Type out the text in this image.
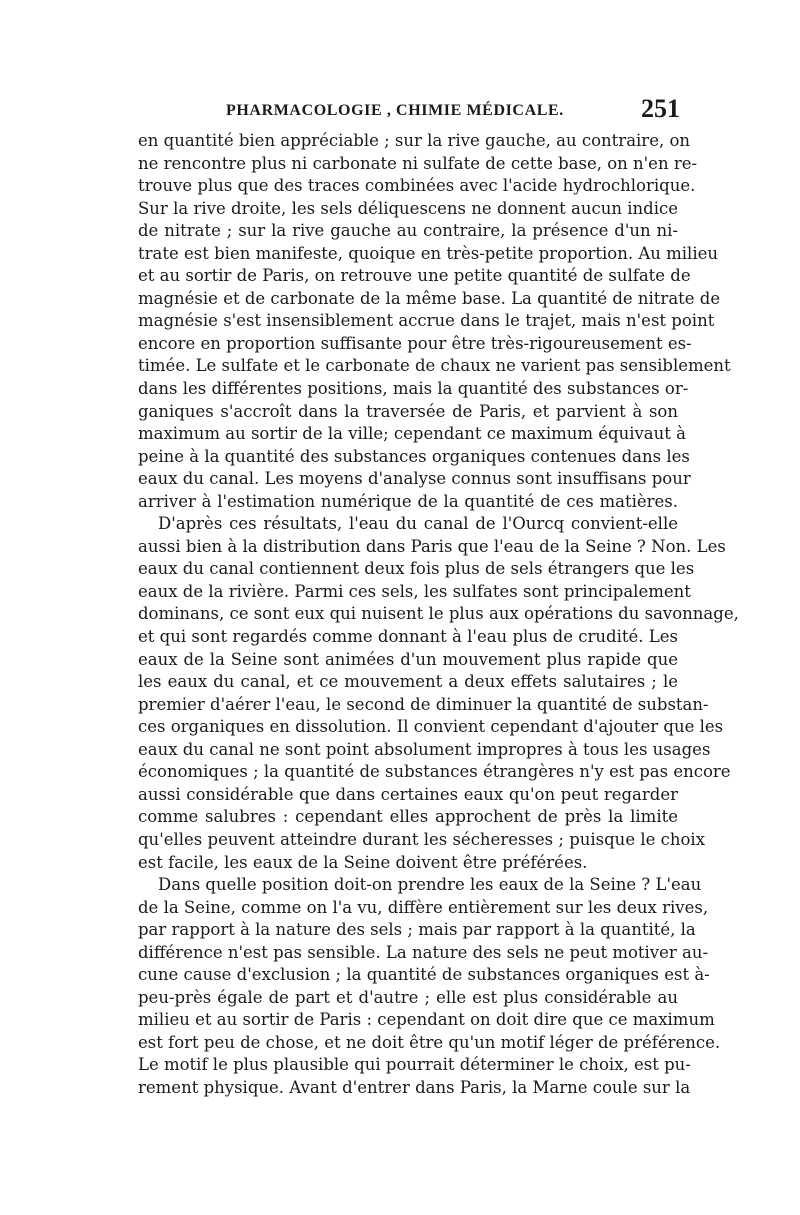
PHARMACOLOGIE , CHIMIE MÉDICALE.	251
en quantité bien appréciable ; sur la rive gauche, au contraire, on
ne rencontre plus ni carbonate ni sulfate de cette base, on n'en re-
trouve plus que des traces combinées avec l'acide hydrochlorique.
Sur la rive droite, les sels déliquescens ne donnent aucun indice
de nitrate ; sur la rive gauche au contraire, la présence d'un ni-
trate est bien manifeste, quoique en très-petite proportion. Au milieu
et au sortir de Paris, on retrouve une petite quantité de sulfate de
magnésie et de carbonate de la même base. La quantité de nitrate de
magnésie s'est insensiblement accrue dans le trajet, mais n'est point
encore en proportion suffisante pour être très-rigoureusement es-
timée. Le sulfate et le carbonate de chaux ne varient pas sensiblement
dans les différentes positions, mais la quantité des substances or-
ganiques s'accroît dans la traversée de Paris, et parvient à son
maximum au sortir de la ville; cependant ce maximum équivaut à
peine à la quantité des substances organiques contenues dans les
eaux du canal. Les moyens d'analyse connus sont insuffisans pour
arriver à l'estimation numérique de la quantité de ces matières.
D'après ces résultats, l'eau du canal de l'Ourcq convient-elle
aussi bien à la distribution dans Paris que l'eau de la Seine ? Non. Les
eaux du canal contiennent deux fois plus de sels étrangers que les
eaux de la rivière. Parmi ces sels, les sulfates sont principalement
dominans, ce sont eux qui nuisent le plus aux opérations du savonnage,
et qui sont regardés comme donnant à l'eau plus de crudité. Les
eaux de la Seine sont animées d'un mouvement plus rapide que
les eaux du canal, et ce mouvement a deux effets salutaires ; le
premier d'aérer l'eau, le second de diminuer la quantité de substan-
ces organiques en dissolution. Il convient cependant d'ajouter que les
eaux du canal ne sont point absolument impropres à tous les usages
économiques ; la quantité de substances étrangères n'y est pas encore
aussi considérable que dans certaines eaux qu'on peut regarder
comme salubres : cependant elles approchent de près la limite
qu'elles peuvent atteindre durant les sécheresses ; puisque le choix
est facile, les eaux de la Seine doivent être préférées.
Dans quelle position doit-on prendre les eaux de la Seine ? L'eau
de la Seine, comme on l'a vu, diffère entièrement sur les deux rives,
par rapport à la nature des sels ; mais par rapport à la quantité, la
différence n'est pas sensible. La nature des sels ne peut motiver au-
cune cause d'exclusion ; la quantité de substances organiques est à-
peu-près égale de part et d'autre ; elle est plus considérable au
milieu et au sortir de Paris : cependant on doit dire que ce maximum
est fort peu de chose, et ne doit être qu'un motif léger de préférence.
Le motif le plus plausible qui pourrait déterminer le choix, est pu-
rement physique. Avant d'entrer dans Paris, la Marne coule sur la
